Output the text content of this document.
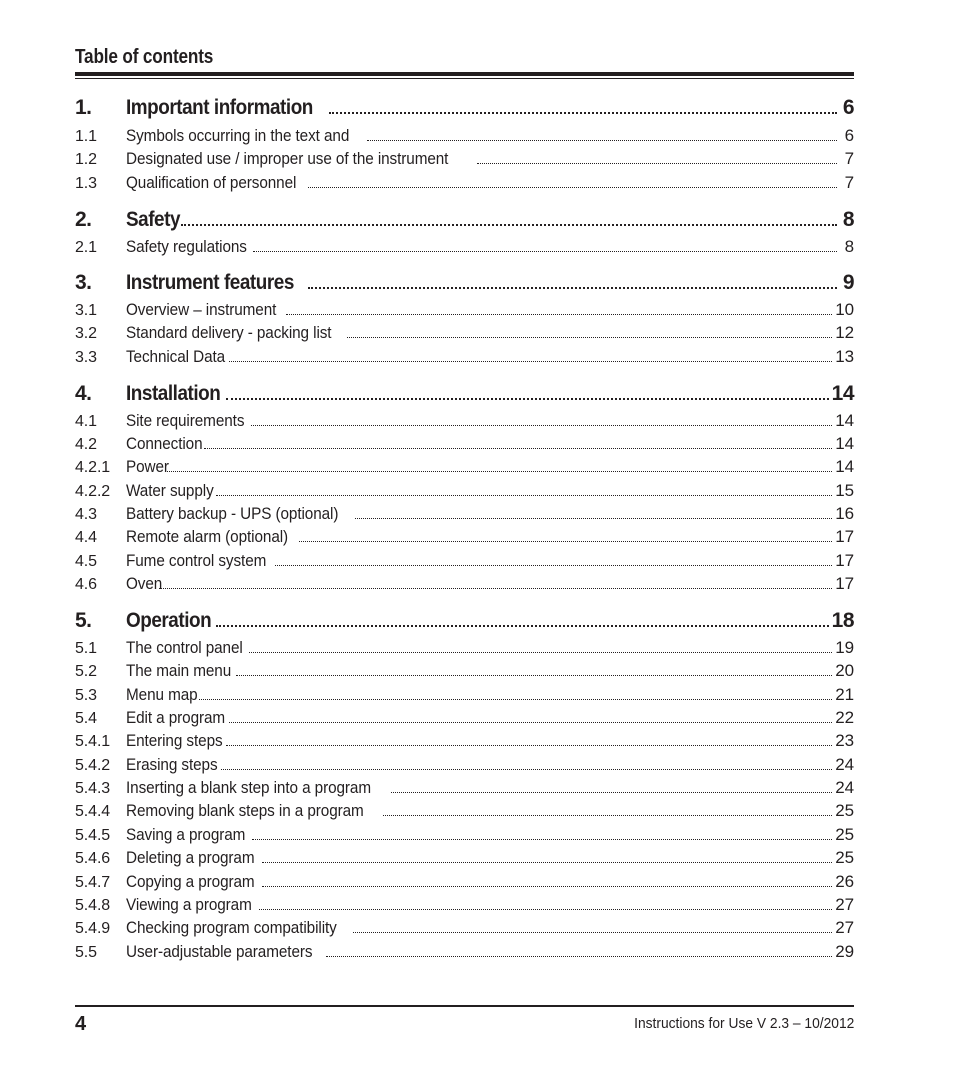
Table of contents
1.	Important information	6
1.1	Symbols occurring in the text and	6
1.2	Designated use / improper use of the instrument	7
1.3	Qualification of personnel	7
2.	Safety	8
2.1	Safety regulations	8
3.	Instrument features	9
3.1	Overview – instrument	10
3.2	Standard delivery - packing list	12
3.3	Technical Data	13
4.	Installation	14
4.1	Site requirements	14
4.2	Connection	14
4.2.1 Power	14
4.2.2 Water supply	15
4.3	Battery backup - UPS (optional)	16
4.4	Remote alarm (optional)	17
4.5	Fume control system	17
4.6	Oven	17
5.	Operation	18
5.1	The control panel	19
5.2	The main menu	20
5.3	Menu map	21
5.4	Edit a program	22
5.4.1 Entering steps	23
5.4.2 Erasing steps	24
5.4.3 Inserting a blank step into a program	24
5.4.4 Removing blank steps in a program	25
5.4.5 Saving a program	25
5.4.6 Deleting a program	25
5.4.7 Copying a program	26
5.4.8 Viewing a program	27
5.4.9 Checking program compatibility	27
5.5	User-adjustable parameters	29
4	Instructions for Use V 2.3 – 10/2012
